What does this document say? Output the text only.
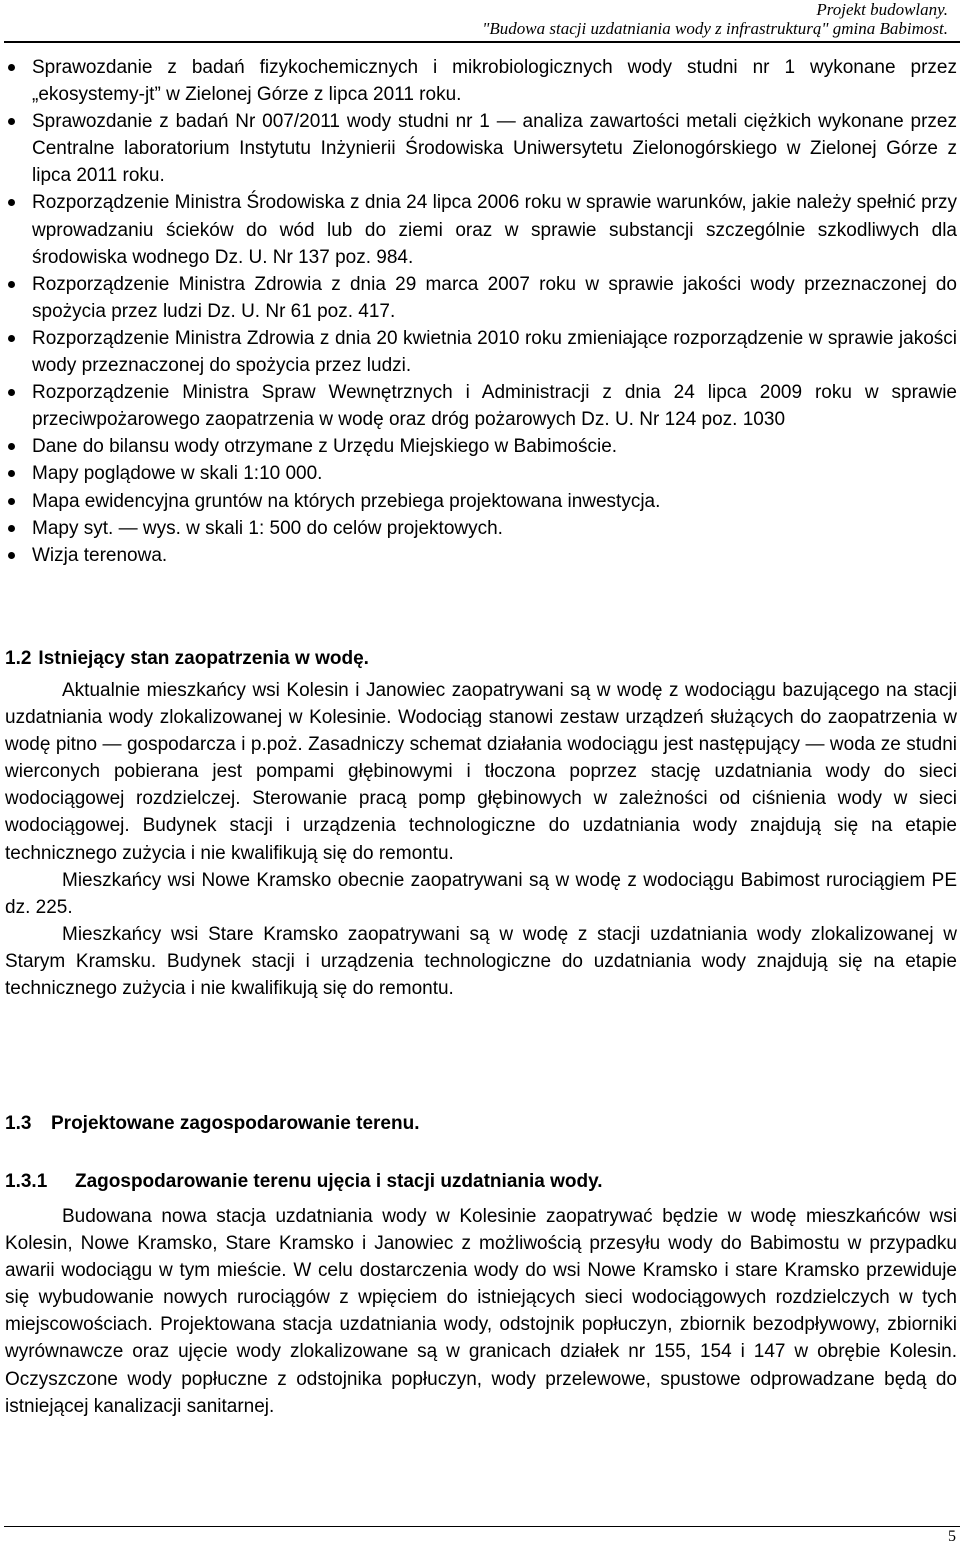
Projekt budowlany.
"Budowa stacji uzdatniania wody z infrastrukturą" gmina Babimost.
Sprawozdanie z badań fizykochemicznych i mikrobiologicznych wody studni nr 1 wykonane przez „ekosystemy-jt” w Zielonej Górze z lipca 2011 roku.
Sprawozdanie z badań Nr 007/2011 wody studni nr 1 — analiza zawartości metali ciężkich wykonane przez Centralne laboratorium Instytutu Inżynierii Środowiska Uniwersytetu Zielonogórskiego w Zielonej Górze z lipca 2011 roku.
Rozporządzenie Ministra Środowiska z dnia 24 lipca 2006 roku w sprawie warunków, jakie należy spełnić przy wprowadzaniu ścieków do wód lub do ziemi oraz w sprawie substancji szczególnie szkodliwych dla środowiska wodnego Dz. U. Nr 137 poz. 984.
Rozporządzenie Ministra Zdrowia z dnia 29 marca 2007 roku w sprawie jakości wody przeznaczonej do spożycia przez ludzi Dz. U. Nr 61 poz. 417.
Rozporządzenie Ministra Zdrowia z dnia 20 kwietnia 2010 roku zmieniające rozporządzenie w sprawie jakości wody przeznaczonej do spożycia przez ludzi.
Rozporządzenie Ministra Spraw Wewnętrznych i Administracji z dnia 24 lipca 2009 roku w sprawie przeciwpożarowego zaopatrzenia w wodę oraz dróg pożarowych Dz. U. Nr 124 poz. 1030
Dane do bilansu wody otrzymane z Urzędu Miejskiego w Babimoście.
Mapy poglądowe w skali 1:10 000.
Mapa ewidencyjna gruntów na których przebiega projektowana inwestycja.
Mapy syt. — wys. w skali 1: 500 do celów projektowych.
Wizja terenowa.
1.2 Istniejący stan zaopatrzenia w wodę.

Aktualnie mieszkańcy wsi Kolesin i Janowiec zaopatrywani są w wodę z wodociągu bazującego na stacji uzdatniania wody zlokalizowanej w Kolesinie. Wodociąg stanowi zestaw urządzeń służących do zaopatrzenia w wodę pitno — gospodarcza i p.poż. Zasadniczy schemat działania wodociągu jest następujący — woda ze studni wierconych pobierana jest pompami głębinowymi i tłoczona poprzez stację uzdatniania wody do sieci wodociągowej rozdzielczej. Sterowanie pracą pomp głębinowych w zależności od ciśnienia wody w sieci wodociągowej. Budynek stacji i urządzenia technologiczne do uzdatniania wody znajdują się na etapie technicznego zużycia i nie kwalifikują się do remontu.

Mieszkańcy wsi Nowe Kramsko obecnie zaopatrywani są w wodę z wodociągu Babimost rurociągiem PE dz. 225.

Mieszkańcy wsi Stare Kramsko zaopatrywani są w wodę z stacji uzdatniania wody zlokalizowanej w Starym Kramsku. Budynek stacji i urządzenia technologiczne do uzdatniania wody znajdują się na etapie technicznego zużycia i nie kwalifikują się do remontu.

1.3 Projektowane zagospodarowanie terenu.
1.3.1 Zagospodarowanie terenu ujęcia i stacji uzdatniania wody.

Budowana nowa stacja uzdatniania wody w Kolesinie zaopatrywać będzie w wodę mieszkańców wsi Kolesin, Nowe Kramsko, Stare Kramsko i Janowiec z możliwością przesyłu wody do Babimostu w przypadku awarii wodociągu w tym mieście. W celu dostarczenia wody do wsi Nowe Kramsko i stare Kramsko przewiduje się wybudowanie nowych rurociągów z wpięciem do istniejących sieci wodociągowych rozdzielczych w tych miejscowościach. Projektowana stacja uzdatniania wody, odstojnik popłuczyn, zbiornik bezodpływowy, zbiorniki wyrównawcze oraz ujęcie wody zlokalizowane są w granicach działek nr 155, 154 i 147 w obrębie Kolesin. Oczyszczone wody popłuczne z odstojnika popłuczyn, wody przelewowe, spustowe odprowadzane będą do istniejącej kanalizacji sanitarnej.

5
